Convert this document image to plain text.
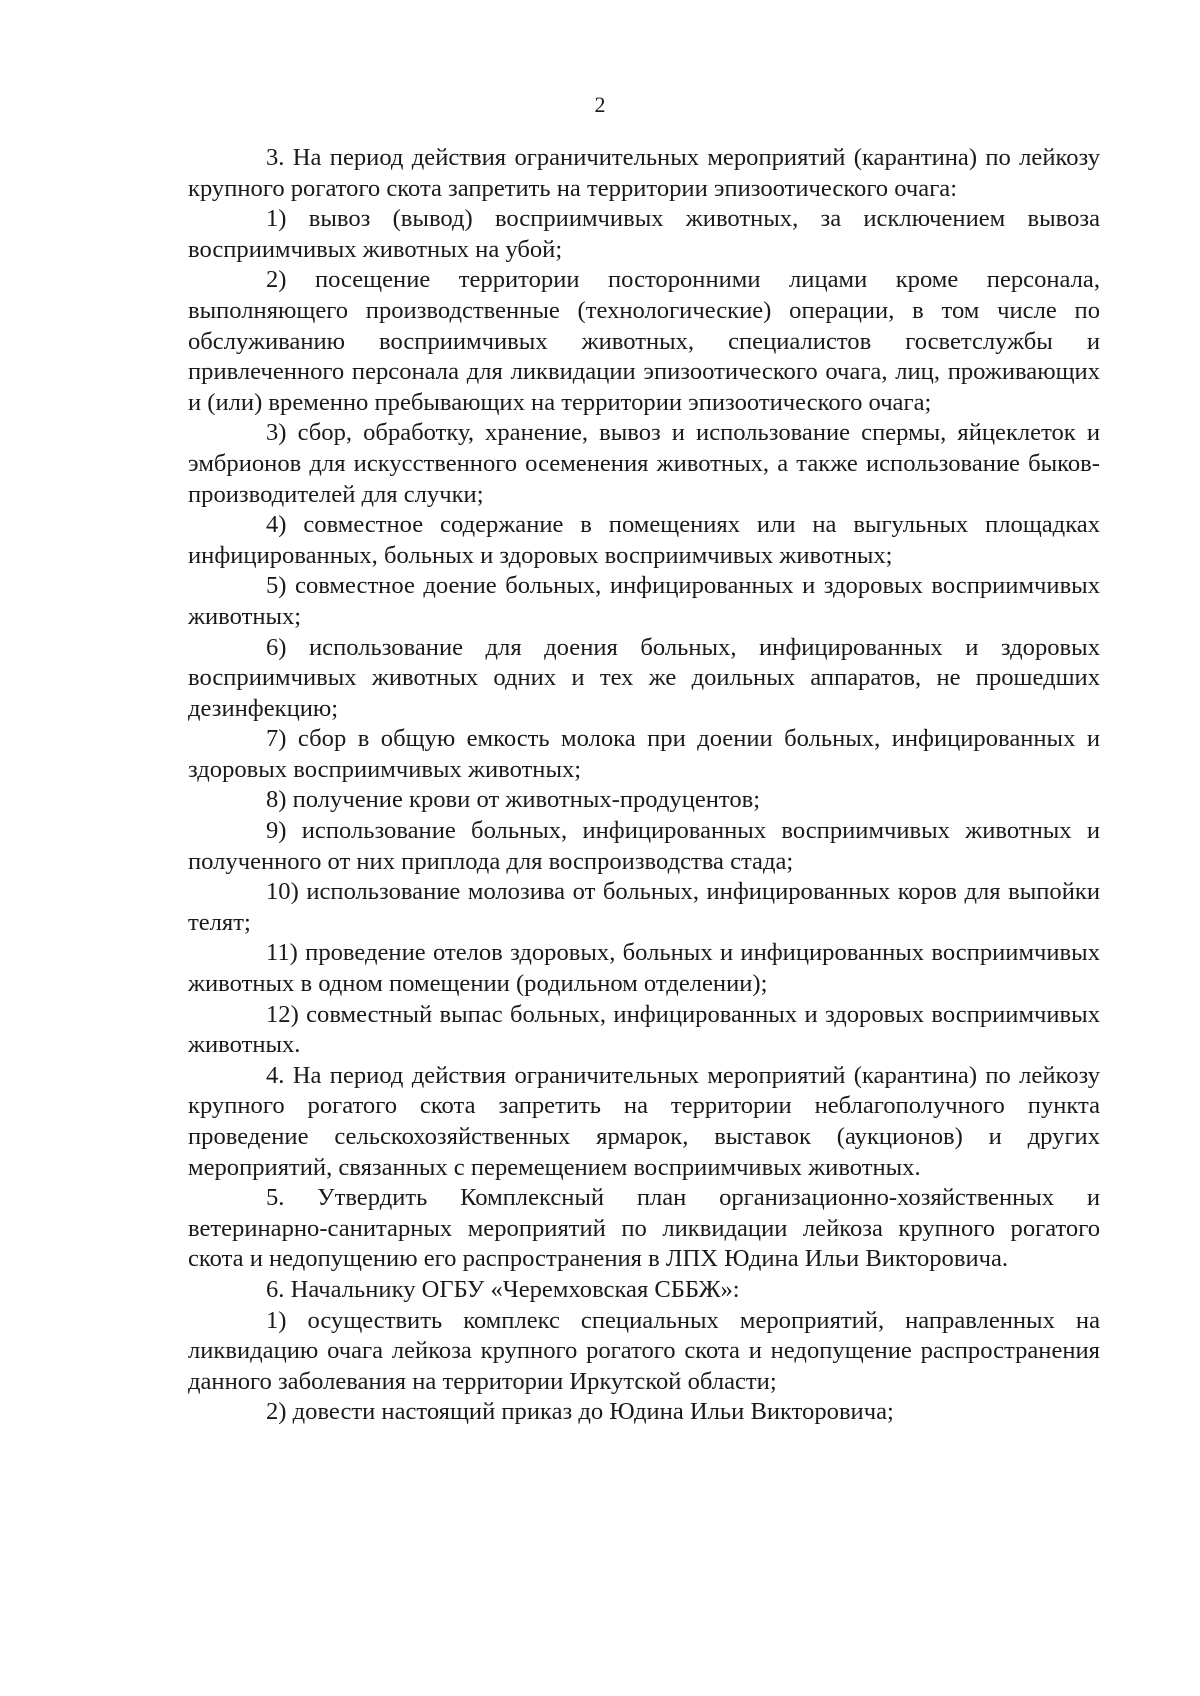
2

3. На период действия ограничительных мероприятий (карантина) по лейкозу крупного рогатого скота запретить на территории эпизоотического очага:

1) вывоз (вывод) восприимчивых животных, за исключением вывоза восприимчивых животных на убой;

2) посещение территории посторонними лицами кроме персонала, выполняющего производственные (технологические) операции, в том числе по обслуживанию восприимчивых животных, специалистов госветслужбы и привлеченного персонала для ликвидации эпизоотического очага, лиц, проживающих и (или) временно пребывающих на территории эпизоотического очага;

3) сбор, обработку, хранение, вывоз и использование спермы, яйцеклеток и эмбрионов для искусственного осеменения животных, а также использование быков-производителей для случки;

4) совместное содержание в помещениях или на выгульных площадках инфицированных, больных и здоровых восприимчивых животных;

5) совместное доение больных, инфицированных и здоровых восприимчивых животных;

6) использование для доения больных, инфицированных и здоровых восприимчивых животных одних и тех же доильных аппаратов, не прошедших дезинфекцию;

7) сбор в общую емкость молока при доении больных, инфицированных и здоровых восприимчивых животных;

8) получение крови от животных-продуцентов;

9) использование больных, инфицированных восприимчивых животных и полученного от них приплода для воспроизводства стада;

10) использование молозива от больных, инфицированных коров для выпойки телят;

11) проведение отелов здоровых, больных и инфицированных восприимчивых животных в одном помещении (родильном отделении);

12) совместный выпас больных, инфицированных и здоровых восприимчивых животных.

4. На период действия ограничительных мероприятий (карантина) по лейкозу крупного рогатого скота запретить на территории неблагополучного пункта проведение сельскохозяйственных ярмарок, выставок (аукционов) и других мероприятий, связанных с перемещением восприимчивых животных.

5. Утвердить Комплексный план организационно-хозяйственных и ветеринарно-санитарных мероприятий по ликвидации лейкоза крупного рогатого скота и недопущению его распространения в ЛПХ Юдина Ильи Викторовича.

6. Начальнику ОГБУ «Черемховская СББЖ»:

1) осуществить комплекс специальных мероприятий, направленных на ликвидацию очага лейкоза крупного рогатого скота и недопущение распространения данного заболевания на территории Иркутской области;

2) довести настоящий приказ до Юдина Ильи Викторовича;
